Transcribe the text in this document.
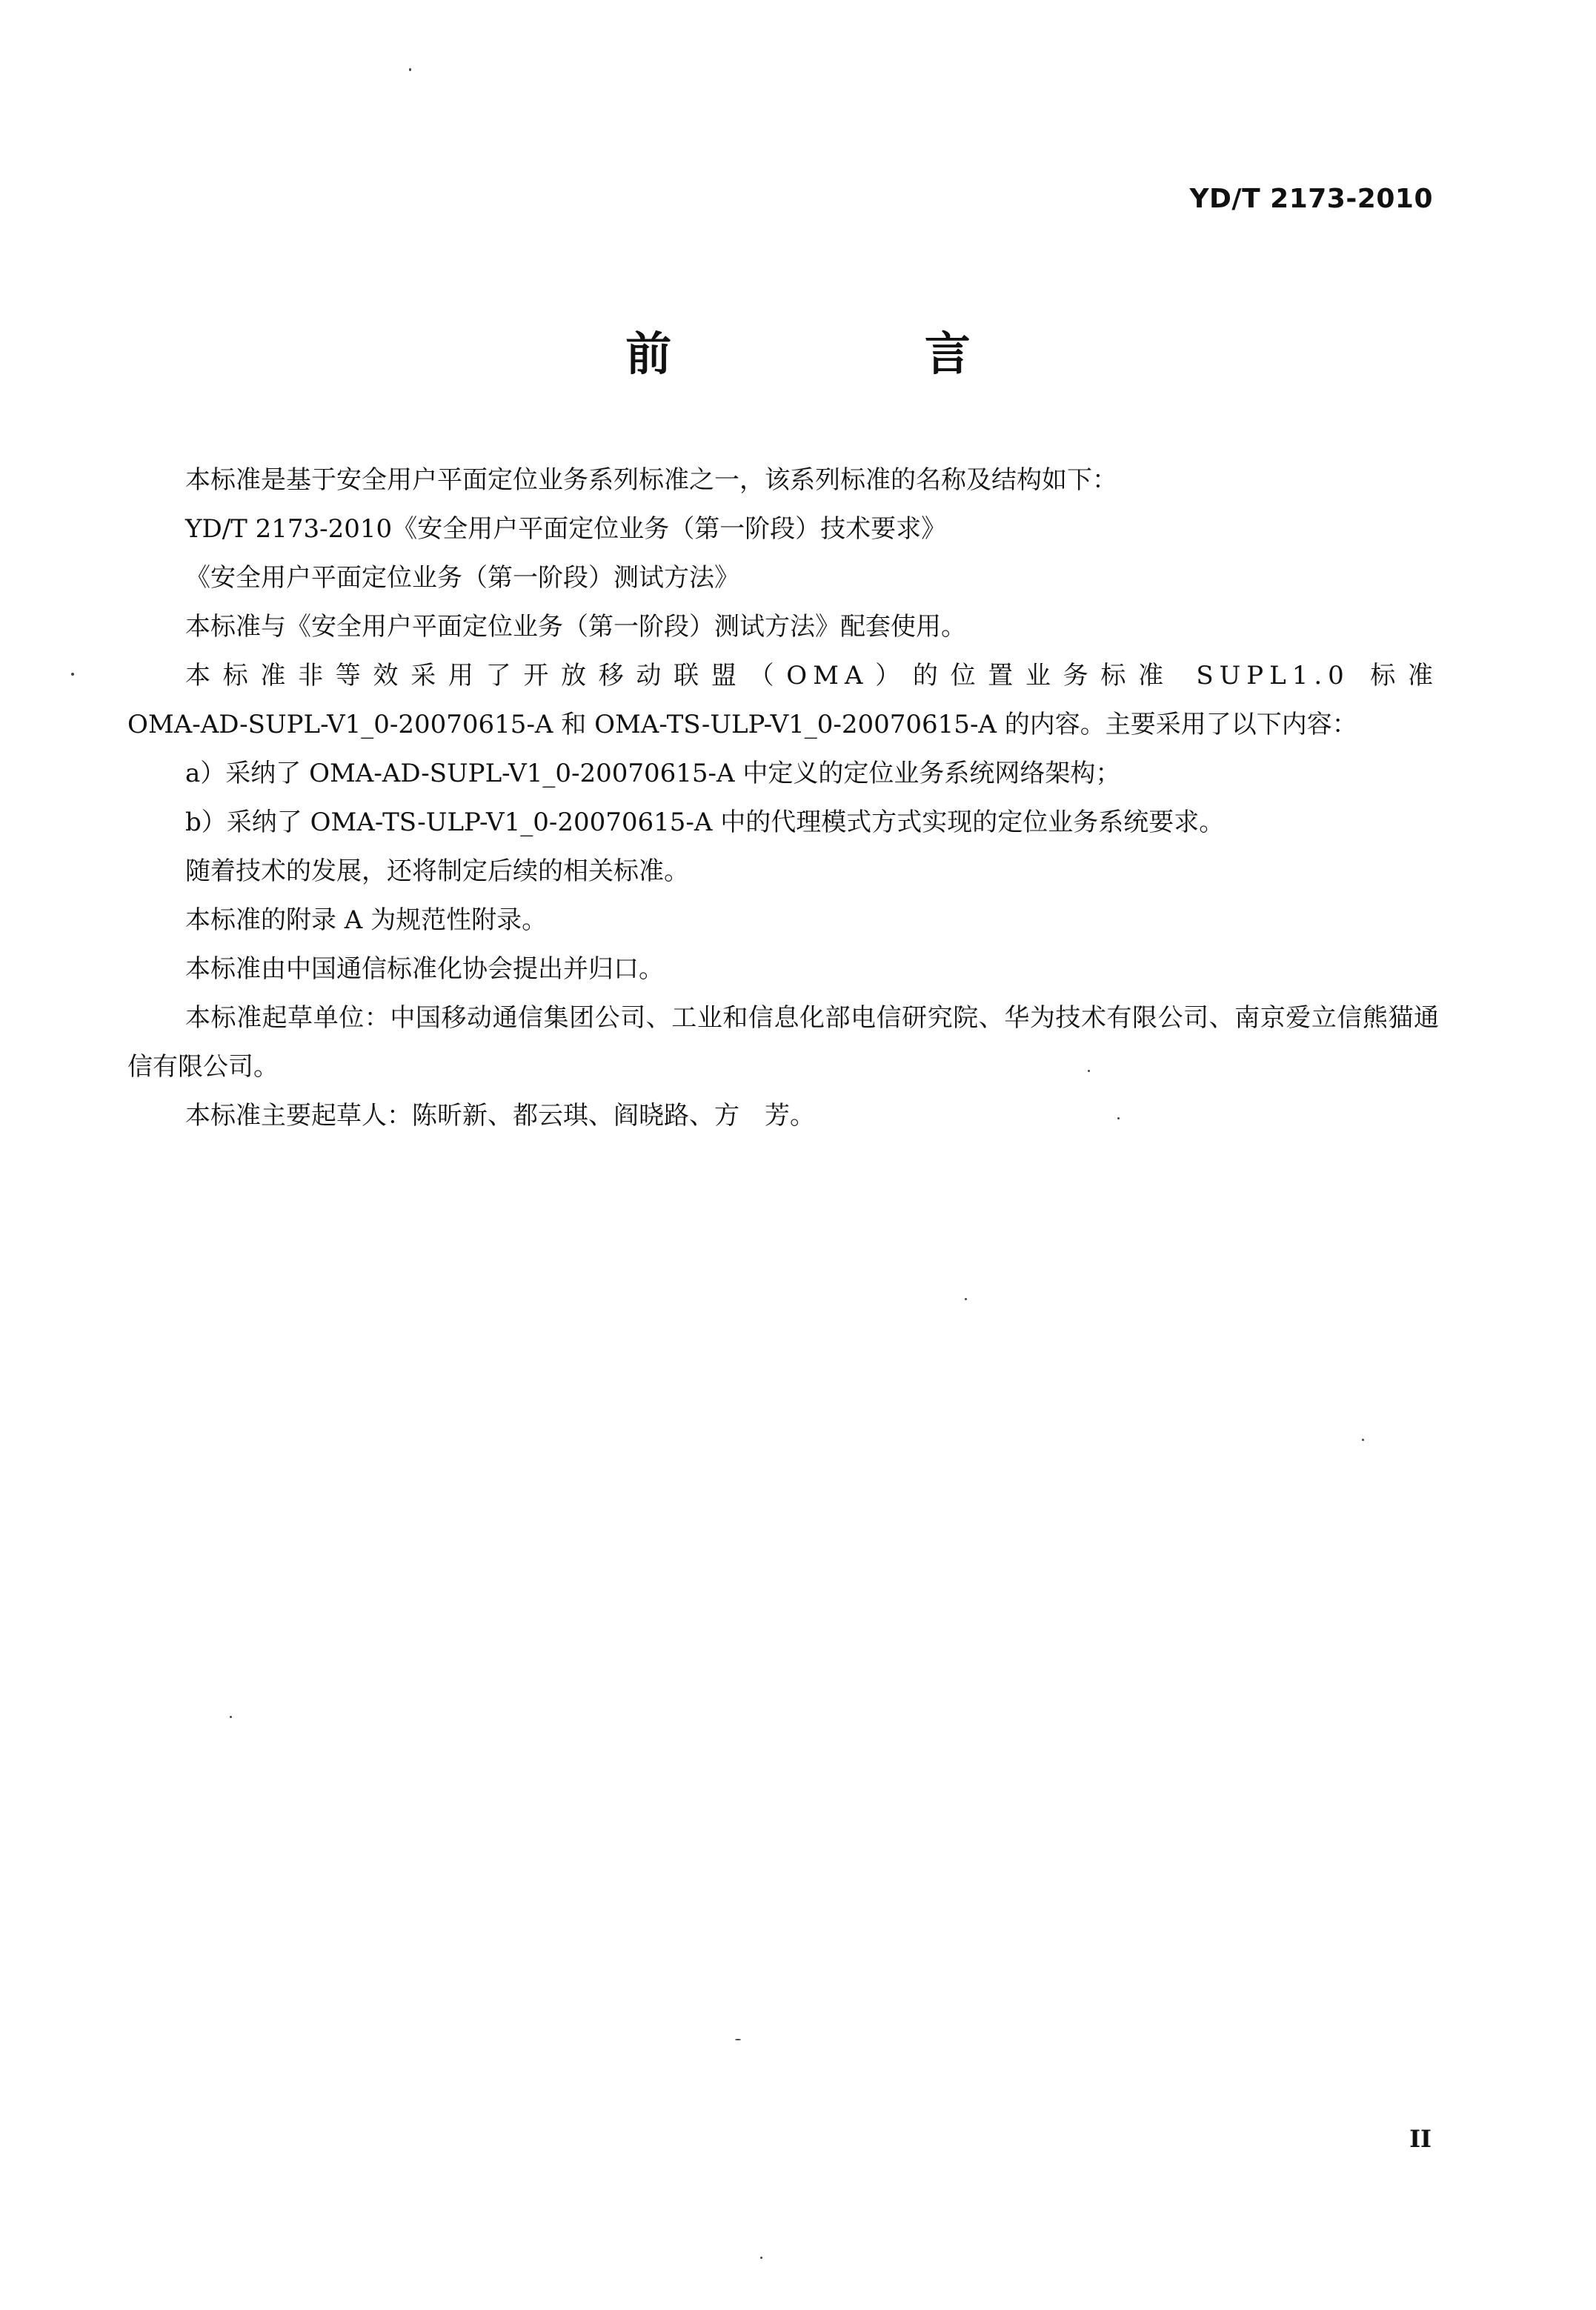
YD/T 2173-2010
前 言

本标准是基于安全用户平面定位业务系列标准之一，该系列标准的名称及结构如下：

YD/T 2173-2010《安全用户平面定位业务（第一阶段）技术要求》

《安全用户平面定位业务（第一阶段）测试方法》

本标准与《安全用户平面定位业务（第一阶段）测试方法》配套使用。

本标准非等效采用了开放移动联盟（OMA）的位置业务标准 SUPL1.0 标准

OMA-AD-SUPL-V1_0-20070615-A 和 OMA-TS-ULP-V1_0-20070615-A 的内容。主要采用了以下内容：

a）采纳了 OMA-AD-SUPL-V1_0-20070615-A 中定义的定位业务系统网络架构；

b）采纳了 OMA-TS-ULP-V1_0-20070615-A 中的代理模式方式实现的定位业务系统要求。

随着技术的发展，还将制定后续的相关标准。

本标准的附录 A 为规范性附录。

本标准由中国通信标准化协会提出并归口。

本标准起草单位：中国移动通信集团公司、工业和信息化部电信研究院、华为技术有限公司、南京爱立信熊猫通信有限公司。

本标准主要起草人：陈昕新、都云琪、阎晓路、方　芳。

II
